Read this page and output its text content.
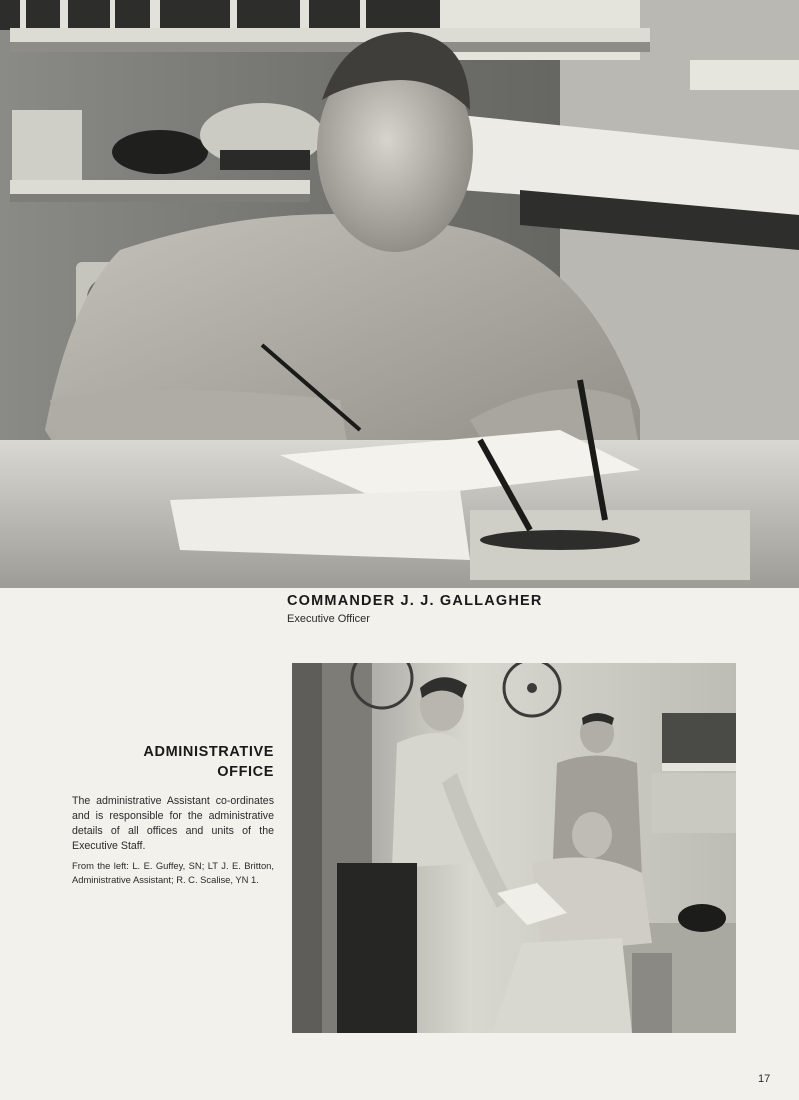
COMMANDER J. J. GALLAGHER
Executive Officer
ADMINISTRATIVE
OFFICE
The administrative Assistant co-ordinates and is responsible for the administrative details of all offices and units of the Executive Staff.
From the left: L. E. Guffey, SN; LT J. E. Britton, Administrative Assistant; R. C. Scalise, YN 1.
17
